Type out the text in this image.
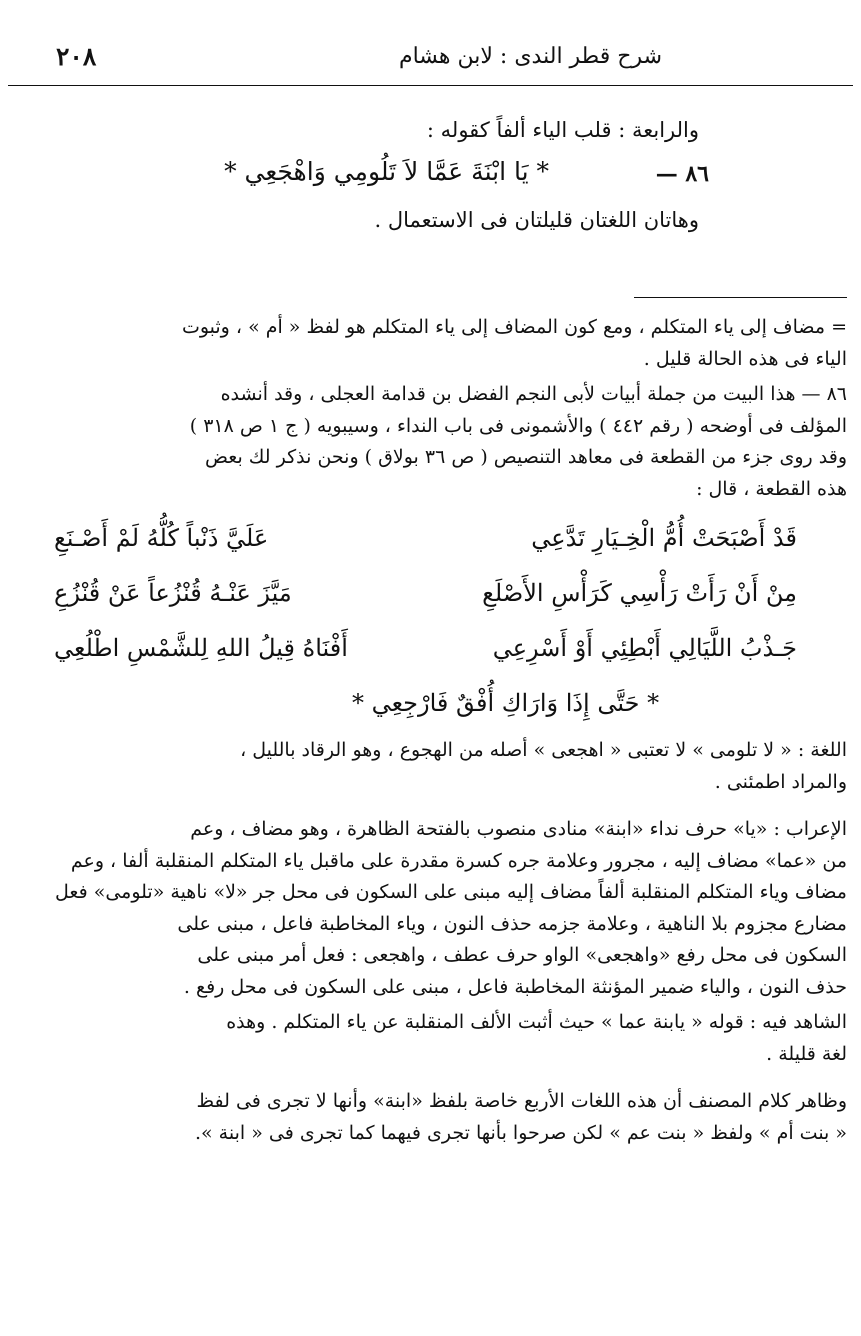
٢٠٨	شرح قطر الندى : لابن هشام
والرابعة : قلب الياء ألفاً كقوله :
٨٦ —
* يَا ابْنَةَ عَمَّا لاَ تَلُومِي وَاهْجَعِي *
وهاتان اللغتان قليلتان فى الاستعمال .
= مضاف إلى ياء المتكلم ، ومع كون المضاف إلى ياء المتكلم هو لفظ « أم » ، وثبوت
الياء فى هذه الحالة قليل .
٨٦ — هذا البيت من جملة أبيات لأبى النجم الفضل بن قدامة العجلى ، وقد أنشده
المؤلف فى أوضحه ( رقم ٤٤٢ ) والأشمونى فى باب النداء ، وسيبويه ( ج ١ ص ٣١٨ )
وقد روى جزء من القطعة فى معاهد التنصيص ( ص ٣٦ بولاق ) ونحن نذكر لك بعض
هذه القطعة ، قال :
قَدْ أَصْبَحَتْ أُمُّ الْخِـيَارِ تَدَّعِي
عَلَيَّ ذَنْباً كُلُّهُ لَمْ أَصْـنَعِ
مِنْ أَنْ رَأَتْ رَأْسِي كَرَأْسِ الأَصْلَعِ
مَيَّزَ عَنْـهُ قُنْزُعاً عَنْ قُنْزُعِ
جَـذْبُ اللَّيَالِي أَبْطِئِي أَوْ أَسْرِعِي
أَفْنَاهُ قِيلُ اللهِ لِلشَّمْسِ اطْلُعِي
* حَتَّى إِذَا وَارَاكِ أُفْقٌ فَارْجِعِي *
اللغة : « لا تلومى » لا تعتبى « اهجعى » أصله من الهجوع ، وهو الرقاد بالليل ،
والمراد اطمئنى .
الإعراب : «يا» حرف نداء «ابنة» منادى منصوب بالفتحة الظاهرة ، وهو مضاف ، وعم
من «عما» مضاف إليه ، مجرور وعلامة جره كسرة مقدرة على ماقبل ياء المتكلم المنقلبة ألفا ، وعم
مضاف وياء المتكلم المنقلبة ألفاً مضاف إليه مبنى على السكون فى محل جر «لا» ناهية «تلومى» فعل
مضارع مجزوم بلا الناهية ، وعلامة جزمه حذف النون ، وياء المخاطبة فاعل ، مبنى على
السكون فى محل رفع «واهجعى» الواو حرف عطف ، واهجعى : فعل أمر مبنى على
حذف النون ، والياء ضمير المؤنثة المخاطبة فاعل ، مبنى على السكون فى محل رفع .
الشاهد فيه : قوله « يابنة عما » حيث أثبت الألف المنقلبة عن ياء المتكلم . وهذه
لغة قليلة .
وظاهر كلام المصنف أن هذه اللغات الأربع خاصة بلفظ «ابنة» وأنها لا تجرى فى لفظ
« بنت أم » ولفظ « بنت عم » لكن صرحوا بأنها تجرى فيهما كما تجرى فى « ابنة ».
